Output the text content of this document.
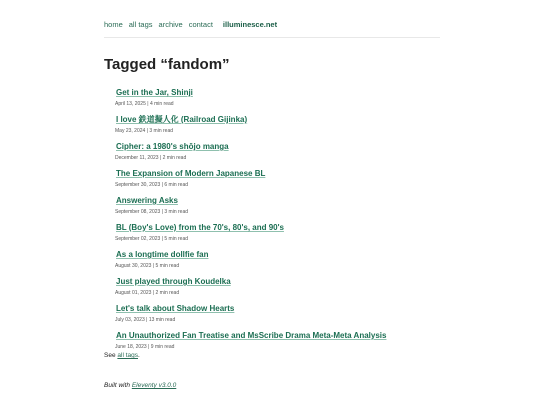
home all tags archive contact illuminesce.net
Tagged “fandom”
Get in the Jar, Shinji
April 13, 2025 | 4 min read
I love 鉄道擬人化 (Railroad Gijinka)
May 23, 2024 | 3 min read
Cipher: a 1980's shōjo manga
December 11, 2023 | 2 min read
The Expansion of Modern Japanese BL
September 30, 2023 | 6 min read
Answering Asks
September 08, 2023 | 3 min read
BL (Boy's Love) from the 70's, 80's, and 90's
September 02, 2023 | 5 min read
As a longtime dollfie fan
August 30, 2023 | 5 min read
Just played through Koudelka
August 01, 2023 | 2 min read
Let's talk about Shadow Hearts
July 03, 2023 | 13 min read
An Unauthorized Fan Treatise and MsScribe Drama Meta-Meta Analysis
June 18, 2023 | 9 min read

See all tags.

Built with Eleventy v3.0.0
